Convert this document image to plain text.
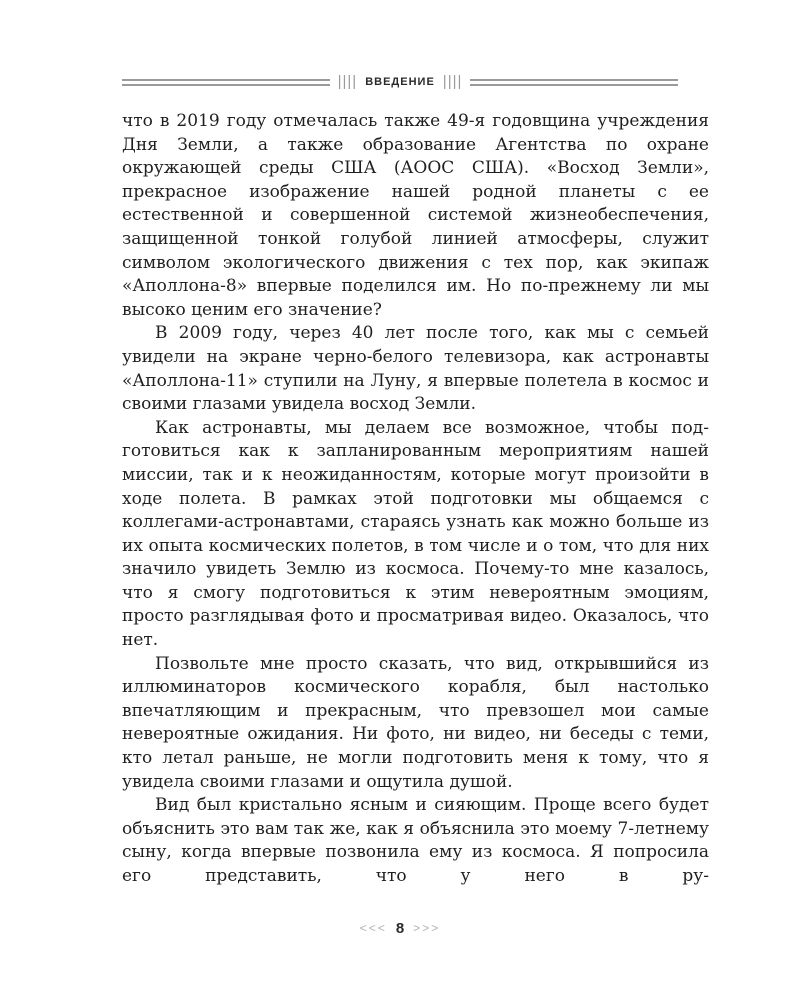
|||| ВВЕДЕНИЕ ||||

что в 2019 году отмечалась также 49-я годовщина учреждения Дня Земли, а также образование Агентства по охране окружающей среды США (АООС США). «Восход Земли», прекрасное изображение нашей родной планеты с ее естественной и совершенной системой жизнеобеспечения, защищенной тонкой голубой линией атмосферы, служит символом экологического движения с тех пор, как экипаж «Аполлона-8» впервые поделился им. Но по-прежнему ли мы высоко ценим его значение?

В 2009 году, через 40 лет после того, как мы с семьей увидели на экране черно-белого телевизора, как астронавты «Аполлона-11» ступили на Луну, я впервые полетела в космос и своими глазами увидела восход Земли.

Как астронавты, мы делаем все возможное, чтобы подготовиться как к запланированным мероприятиям нашей миссии, так и к неожиданностям, которые могут произойти в ходе полета. В рамках этой подготовки мы общаемся с коллегами-астронавтами, стараясь узнать как можно больше из их опыта космических полетов, в том числе и о том, что для них значило увидеть Землю из космоса. Почему-то мне казалось, что я смогу подготовиться к этим невероятным эмоциям, просто разглядывая фото и просматривая видео. Оказалось, что нет.

Позвольте мне просто сказать, что вид, открывшийся из иллюминаторов космического корабля, был настолько впечатляющим и прекрасным, что превзошел мои самые невероятные ожидания. Ни фото, ни видео, ни беседы с теми, кто летал раньше, не могли подготовить меня к тому, что я увидела своими глазами и ощутила душой.

Вид был кристально ясным и сияющим. Проще всего будет объяснить это вам так же, как я объяснила это моему 7-летнему сыну, когда впервые позвонила ему из космоса. Я попросила его представить, что у него в ру-

<<< 8 >>>
